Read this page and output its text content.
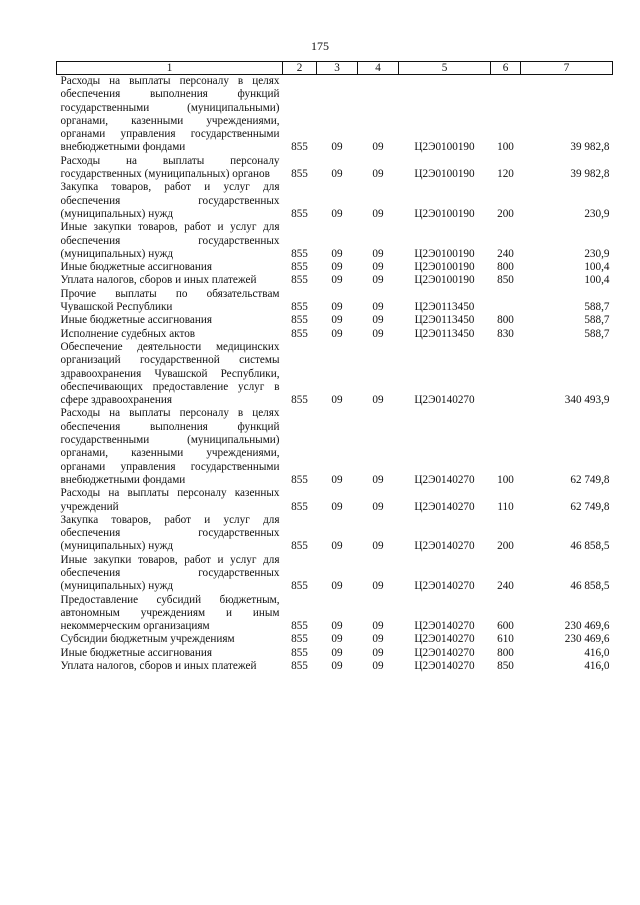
175
1	2	3	4	5	6	7
Расходы на выплаты персоналу в целях обеспечения выполнения функций государственными (муниципальными) органами, казенными учреждениями, органами управления государственными внебюджетными фондами	855	09	09	Ц2Э0100190	100	39 982,8
Расходы на выплаты персоналу государственных (муниципальных) органов	855	09	09	Ц2Э0100190	120	39 982,8
Закупка товаров, работ и услуг для обеспечения государственных (муниципальных) нужд	855	09	09	Ц2Э0100190	200	230,9
Иные закупки товаров, работ и услуг для обеспечения государственных (муниципальных) нужд	855	09	09	Ц2Э0100190	240	230,9
Иные бюджетные ассигнования	855	09	09	Ц2Э0100190	800	100,4
Уплата налогов, сборов и иных платежей	855	09	09	Ц2Э0100190	850	100,4
Прочие выплаты по обязательствам Чувашской Республики	855	09	09	Ц2Э0113450		588,7
Иные бюджетные ассигнования	855	09	09	Ц2Э0113450	800	588,7
Исполнение судебных актов	855	09	09	Ц2Э0113450	830	588,7
Обеспечение деятельности медицинских организаций государственной системы здравоохранения Чувашской Республики, обеспечивающих предоставление услуг в сфере здравоохранения	855	09	09	Ц2Э0140270		340 493,9
Расходы на выплаты персоналу в целях обеспечения выполнения функций государственными (муниципальными) органами, казенными учреждениями, органами управления государственными внебюджетными фондами	855	09	09	Ц2Э0140270	100	62 749,8
Расходы на выплаты персоналу казенных учреждений	855	09	09	Ц2Э0140270	110	62 749,8
Закупка товаров, работ и услуг для обеспечения государственных (муниципальных) нужд	855	09	09	Ц2Э0140270	200	46 858,5
Иные закупки товаров, работ и услуг для обеспечения государственных (муниципальных) нужд	855	09	09	Ц2Э0140270	240	46 858,5
Предоставление субсидий бюджетным, автономным учреждениям и иным некоммерческим организациям	855	09	09	Ц2Э0140270	600	230 469,6
Субсидии бюджетным учреждениям	855	09	09	Ц2Э0140270	610	230 469,6
Иные бюджетные ассигнования	855	09	09	Ц2Э0140270	800	416,0
Уплата налогов, сборов и иных платежей	855	09	09	Ц2Э0140270	850	416,0
